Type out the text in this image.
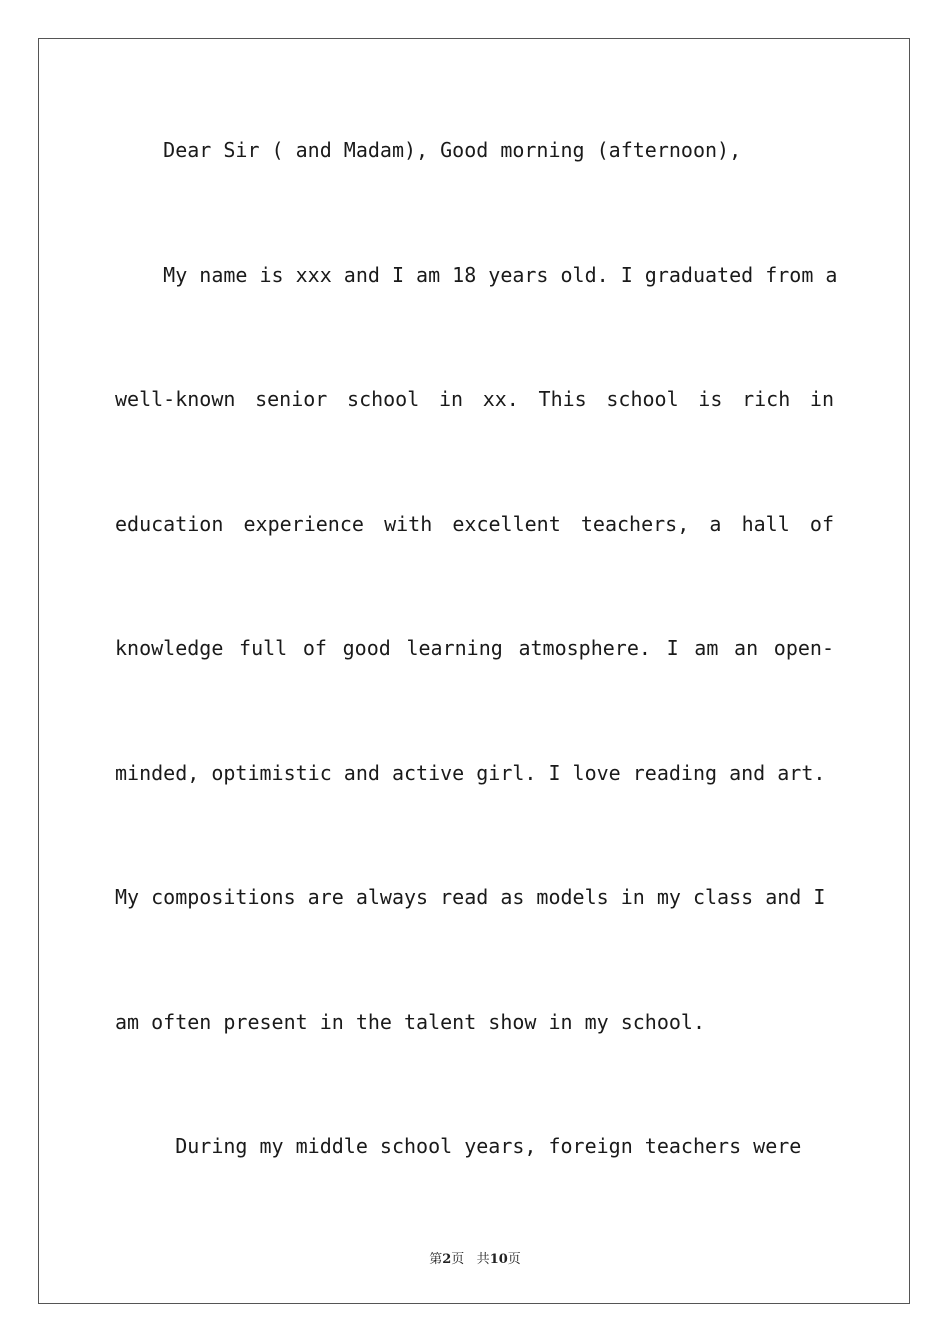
Dear Sir ( and Madam), Good morning (afternoon),

My name is xxx and I am 18 years old. I graduated from a

well-known senior school in xx. This school is rich in

education experience with excellent teachers, a hall of

knowledge full of good learning atmosphere. I am an open-

minded, optimistic and active girl. I love reading and art.

My compositions are always read as models in my class and I

am often present in the talent show in my school.

During my middle school years, foreign teachers were

第2页 共10页
